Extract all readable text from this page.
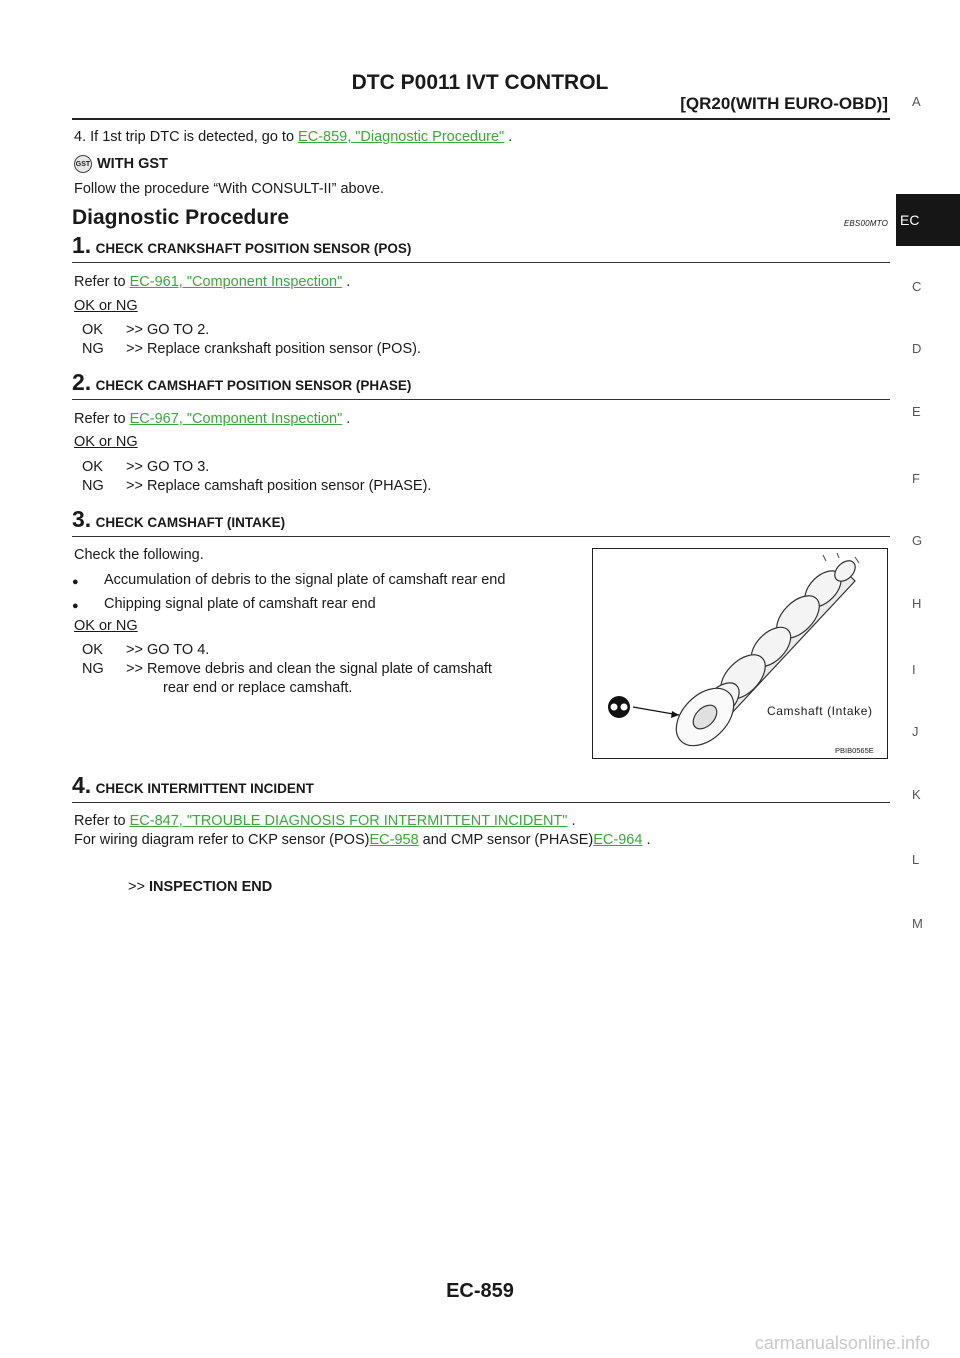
DTC P0011 IVT CONTROL
[QR20(WITH EURO-OBD)]
4. If 1st trip DTC is detected, go to EC-859, "Diagnostic Procedure" .
GST WITH GST
Follow the procedure “With CONSULT-II” above.
Diagnostic Procedure	EBS00MTO
1. CHECK CRANKSHAFT POSITION SENSOR (POS)
Refer to EC-961, "Component Inspection" .
OK or NG
OK >> GO TO 2.
NG >> Replace crankshaft position sensor (POS).
2. CHECK CAMSHAFT POSITION SENSOR (PHASE)
Refer to EC-967, "Component Inspection" .
OK or NG
OK >> GO TO 3.
NG >> Replace camshaft position sensor (PHASE).
3. CHECK CAMSHAFT (INTAKE)
Check the following.
● Accumulation of debris to the signal plate of camshaft rear end
● Chipping signal plate of camshaft rear end
OK or NG
OK >> GO TO 4.
NG >> Remove debris and clean the signal plate of camshaft
rear end or replace camshaft.
Camshaft (Intake)
PBIB0565E
4. CHECK INTERMITTENT INCIDENT
Refer to EC-847, "TROUBLE DIAGNOSIS FOR INTERMITTENT INCIDENT" .
For wiring diagram refer to CKP sensor (POS)EC-958 and CMP sensor (PHASE)EC-964 .
>> INSPECTION END
A
EC
C
D
E
F
G
H
I
J
K
L
M
EC-859
carmanualsonline.info
